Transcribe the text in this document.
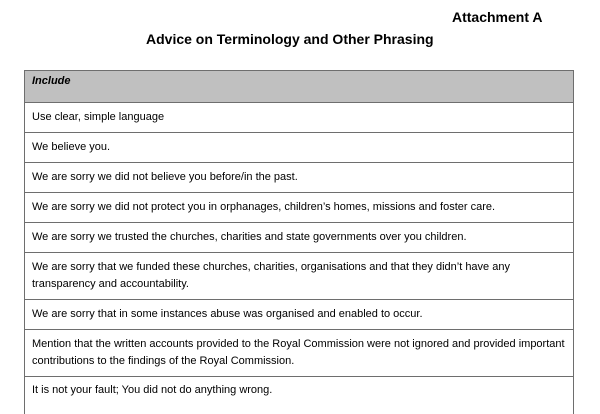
Attachment A
Advice on Terminology and Other Phrasing
Include
Use clear, simple language
We believe you.
We are sorry we did not believe you before/in the past.
We are sorry we did not protect you in orphanages, children’s homes, missions and foster care.
We are sorry we trusted the churches, charities and state governments over you children.
We are sorry that we funded these churches, charities, organisations and that they didn’t have any transparency and accountability.
We are sorry that in some instances abuse was organised and enabled to occur.
Mention that the written accounts provided to the Royal Commission were not ignored and provided important contributions to the findings of the Royal Commission.
It is not your fault; You did not do anything wrong.
